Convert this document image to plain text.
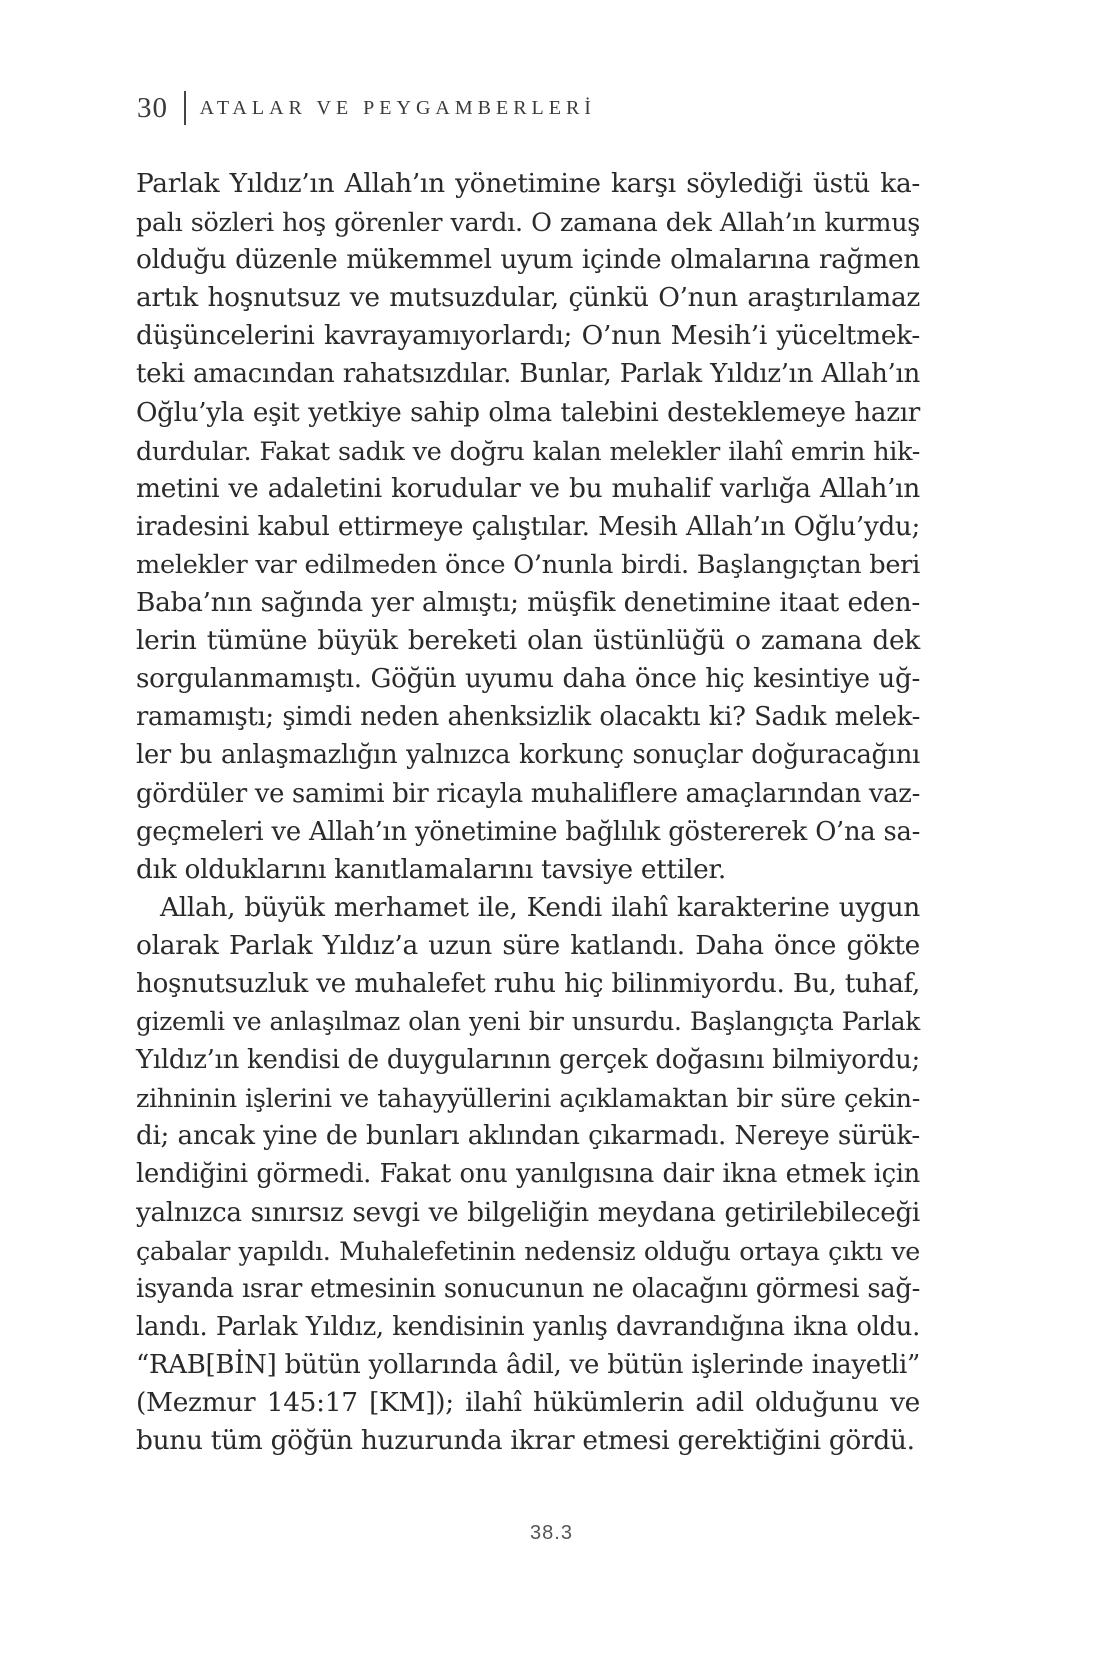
30 ATALAR VE PEYGAMBERLERİ
Parlak Yıldız’ın Allah’ın yönetimine karşı söylediği üstü ka-
palı sözleri hoş görenler vardı. O zamana dek Allah’ın kurmuş
olduğu düzenle mükemmel uyum içinde olmalarına rağmen
artık hoşnutsuz ve mutsuzdular, çünkü O’nun araştırılamaz
düşüncelerini kavrayamıyorlardı; O’nun Mesih’i yüceltmek-
teki amacından rahatsızdılar. Bunlar, Parlak Yıldız’ın Allah’ın
Oğlu’yla eşit yetkiye sahip olma talebini desteklemeye hazır
durdular. Fakat sadık ve doğru kalan melekler ilahî emrin hik-
metini ve adaletini korudular ve bu muhalif varlığa Allah’ın
iradesini kabul ettirmeye çalıştılar. Mesih Allah’ın Oğlu’ydu;
melekler var edilmeden önce O’nunla birdi. Başlangıçtan beri
Baba’nın sağında yer almıştı; müşfik denetimine itaat eden-
lerin tümüne büyük bereketi olan üstünlüğü o zamana dek
sorgulanmamıştı. Göğün uyumu daha önce hiç kesintiye uğ-
ramamıştı; şimdi neden ahenksizlik olacaktı ki? Sadık melek-
ler bu anlaşmazlığın yalnızca korkunç sonuçlar doğuracağını
gördüler ve samimi bir ricayla muhaliflere amaçlarından vaz-
geçmeleri ve Allah’ın yönetimine bağlılık göstererek O’na sa-
dık olduklarını kanıtlamalarını tavsiye ettiler.
Allah, büyük merhamet ile, Kendi ilahî karakterine uygun
olarak Parlak Yıldız’a uzun süre katlandı. Daha önce gökte
hoşnutsuzluk ve muhalefet ruhu hiç bilinmiyordu. Bu, tuhaf,
gizemli ve anlaşılmaz olan yeni bir unsurdu. Başlangıçta Parlak
Yıldız’ın kendisi de duygularının gerçek doğasını bilmiyordu;
zihninin işlerini ve tahayyüllerini açıklamaktan bir süre çekin-
di; ancak yine de bunları aklından çıkarmadı. Nereye sürük-
lendiğini görmedi. Fakat onu yanılgısına dair ikna etmek için
yalnızca sınırsız sevgi ve bilgeliğin meydana getirilebileceği
çabalar yapıldı. Muhalefetinin nedensiz olduğu ortaya çıktı ve
isyanda ısrar etmesinin sonucunun ne olacağını görmesi sağ-
landı. Parlak Yıldız, kendisinin yanlış davrandığına ikna oldu.
“RAB[BİN] bütün yollarında âdil, ve bütün işlerinde inayetli”
(Mezmur 145:17 [KM]); ilahî hükümlerin adil olduğunu ve
bunu tüm göğün huzurunda ikrar etmesi gerektiğini gördü.
38.3
